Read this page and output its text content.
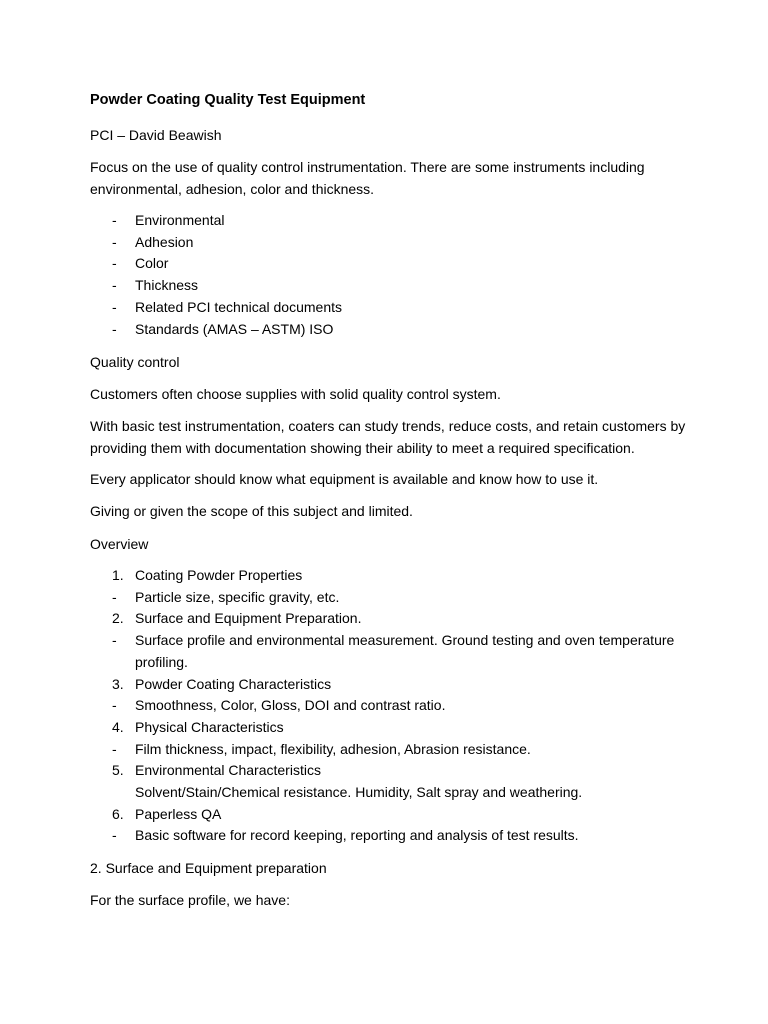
Powder Coating Quality Test Equipment
PCI – David Beawish
Focus on the use of quality control instrumentation. There are some instruments including environmental, adhesion, color and thickness.
- Environmental
- Adhesion
- Color
- Thickness
- Related PCI technical documents
- Standards (AMAS – ASTM) ISO
Quality control
Customers often choose supplies with solid quality control system.
With basic test instrumentation, coaters can study trends, reduce costs, and retain customers by providing them with documentation showing their ability to meet a required specification.
Every applicator should know what equipment is available and know how to use it.
Giving or given the scope of this subject and limited.
Overview
1. Coating Powder Properties
- Particle size, specific gravity, etc.
2. Surface and Equipment Preparation.
- Surface profile and environmental measurement. Ground testing and oven temperature profiling.
3. Powder Coating Characteristics
- Smoothness, Color, Gloss, DOI and contrast ratio.
4. Physical Characteristics
- Film thickness, impact, flexibility, adhesion, Abrasion resistance.
5. Environmental Characteristics
Solvent/Stain/Chemical resistance. Humidity, Salt spray and weathering.
6. Paperless QA
- Basic software for record keeping, reporting and analysis of test results.
2. Surface and Equipment preparation
For the surface profile, we have:
